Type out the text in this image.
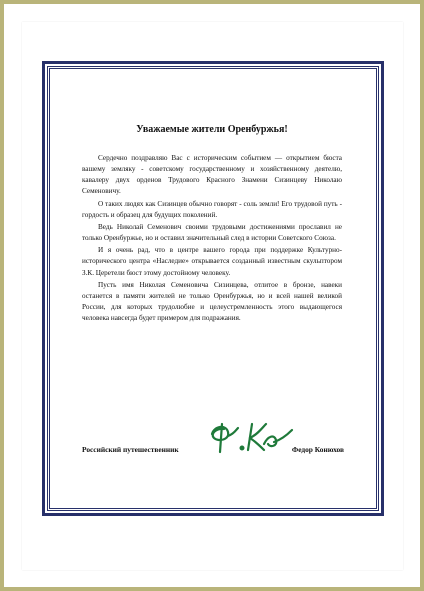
Уважаемые жители Оренбуржья!

Сердечно поздравляю Вас с историческим событием — открытием бюста вашему земляку - советскому государственному и хозяйственному деятелю, кавалеру двух орденов Трудового Красного Знамени Сизинцеву Николаю Семеновичу.

О таких людях как Сизинцев обычно говорят - соль земли! Его трудовой путь - гордость и образец для будущих поколений.

Ведь Николай Семенович своими трудовыми достижениями прославил не только Оренбуржье, но и оставил значительный след в истории Советского Союза.

И я очень рад, что в центре вашего города при поддержке Культурно-исторического центра «Наследие» открывается созданный известным скульптором З.К. Церетели бюст этому достойному человеку.

Пусть имя Николая Семеновича Сизинцева, отлитое в бронзе, навеки останется в памяти жителей не только Оренбуржья, но и всей нашей великой России, для которых трудолюбие и целеустремленность этого выдающегося человека навсегда будет примером для подражания.

Российский путешественник	Федор Конюхов
